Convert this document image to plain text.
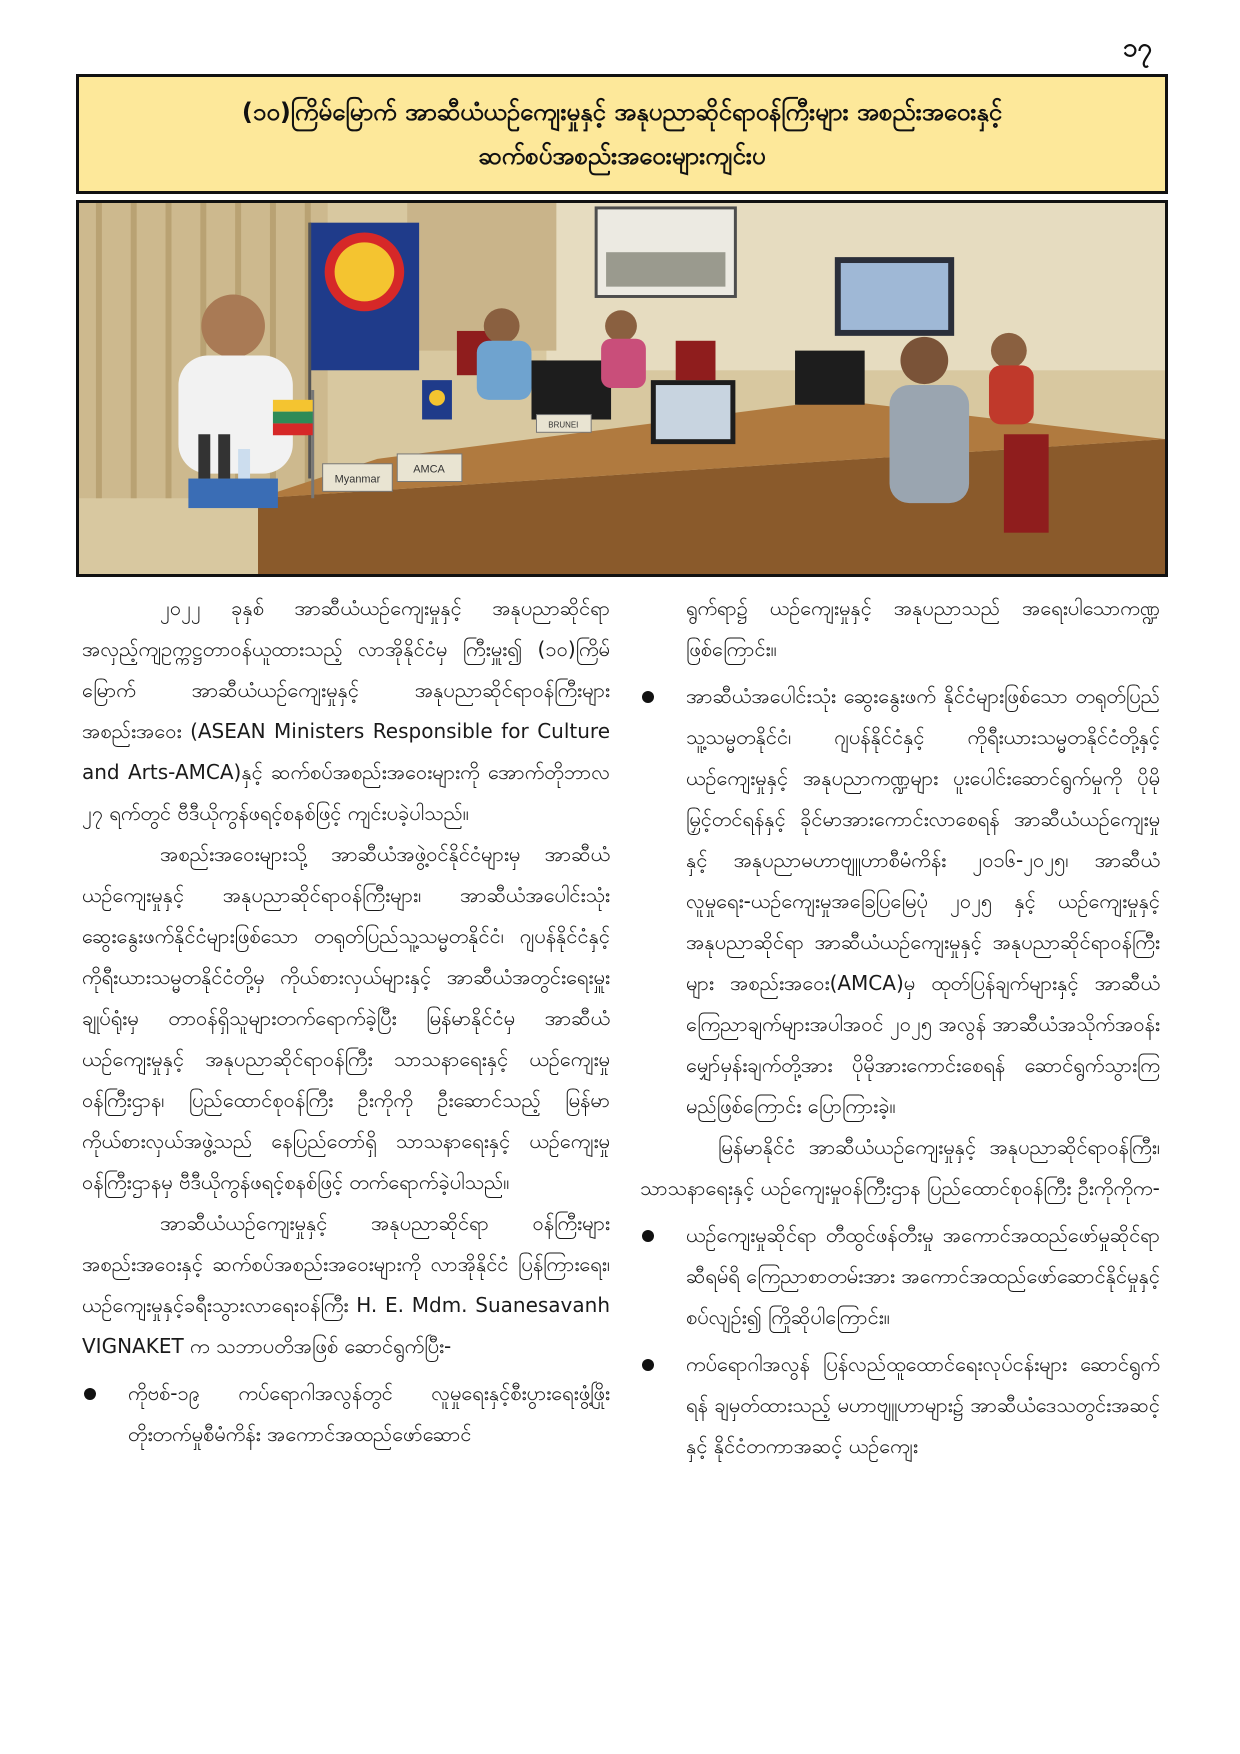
၁၇
(၁၀)ကြိမ်မြောက် အာဆီယံယဉ်ကျေးမှုနှင့် အနုပညာဆိုင်ရာဝန်ကြီးများ အစည်းအဝေးနှင့်
ဆက်စပ်အစည်းအဝေးများကျင်းပ
Myanmar
AMCA
BRUNEI

၂၀၂၂ ခုနှစ် အာဆီယံယဉ်ကျေးမှုနှင့် အနုပညာဆိုင်ရာအလှည့်ကျဥက္ကဋ္ဌတာဝန်ယူထားသည့် လာအိုနိုင်ငံမှ ကြီးမှူး၍ (၁၀)ကြိမ်မြောက် အာဆီယံယဉ်ကျေးမှုနှင့် အနုပညာဆိုင်ရာဝန်ကြီးများ အစည်းအဝေး (ASEAN Ministers Responsible for Culture and Arts-AMCA)နှင့် ဆက်စပ်အစည်းအဝေးများကို အောက်တိုဘာလ ၂၇ ရက်တွင် ဗီဒီယိုကွန်ဖရင့်စနစ်ဖြင့် ကျင်းပခဲ့ပါသည်။

အစည်းအဝေးများသို့ အာဆီယံအဖွဲ့ဝင်နိုင်ငံများမှ အာဆီယံယဉ်ကျေးမှုနှင့် အနုပညာဆိုင်ရာဝန်ကြီးများ၊ အာဆီယံအပေါင်းသုံး ဆွေးနွေးဖက်နိုင်ငံများဖြစ်သော တရုတ်ပြည်သူ့သမ္မတနိုင်ငံ၊ ဂျပန်နိုင်ငံနှင့် ကိုရီးယားသမ္မတနိုင်ငံတို့မှ ကိုယ်စားလှယ်များနှင့် အာဆီယံအတွင်းရေးမှူးချုပ်ရုံးမှ တာဝန်ရှိသူများတက်ရောက်ခဲ့ပြီး မြန်မာနိုင်ငံမှ အာဆီယံယဉ်ကျေးမှုနှင့် အနုပညာဆိုင်ရာဝန်ကြီး သာသနာရေးနှင့် ယဉ်ကျေးမှုဝန်ကြီးဌာန၊ ပြည်ထောင်စုဝန်ကြီး ဦးကိုကို ဦးဆောင်သည့် မြန်မာကိုယ်စားလှယ်အဖွဲ့သည် နေပြည်တော်ရှိ သာသနာရေးနှင့် ယဉ်ကျေးမှုဝန်ကြီးဌာနမှ ဗီဒီယိုကွန်ဖရင့်စနစ်ဖြင့် တက်ရောက်ခဲ့ပါသည်။

အာဆီယံယဉ်ကျေးမှုနှင့် အနုပညာဆိုင်ရာ ဝန်ကြီးများအစည်းအဝေးနှင့် ဆက်စပ်အစည်းအဝေးများကို လာအိုနိုင်ငံ ပြန်ကြားရေး၊ ယဉ်ကျေးမှုနှင့်ခရီးသွားလာရေးဝန်ကြီး H. E. Mdm. Suanesavanh VIGNAKET က သဘာပတိအဖြစ် ဆောင်ရွက်ပြီး-

ကိုဗစ်-၁၉ ကပ်ရောဂါအလွန်တွင် လူမှုရေးနှင့်စီးပွားရေးဖွံ့ဖြိုးတိုးတက်မှုစီမံကိန်း အကောင်အထည်ဖော်ဆောင်
ရွက်ရာ၌ ယဉ်ကျေးမှုနှင့် အနုပညာသည် အရေးပါသောကဏ္ဍဖြစ်ကြောင်း။
အာဆီယံအပေါင်းသုံး ဆွေးနွေးဖက် နိုင်ငံများဖြစ်သော တရုတ်ပြည်သူ့သမ္မတနိုင်ငံ၊ ဂျပန်နိုင်ငံနှင့် ကိုရီးယားသမ္မတနိုင်ငံတို့နှင့် ယဉ်ကျေးမှုနှင့် အနုပညာကဏ္ဍများ ပူးပေါင်းဆောင်ရွက်မှုကို ပိုမိုမြှင့်တင်ရန်နှင့် ခိုင်မာအားကောင်းလာစေရန် အာဆီယံယဉ်ကျေးမှုနှင့် အနုပညာမဟာဗျူဟာစီမံကိန်း ၂၀၁၆-၂၀၂၅၊ အာဆီယံလူမှုရေး-ယဉ်ကျေးမှုအခြေပြမြေပုံ ၂၀၂၅ နှင့် ယဉ်ကျေးမှုနှင့် အနုပညာဆိုင်ရာ အာဆီယံယဉ်ကျေးမှုနှင့် အနုပညာဆိုင်ရာဝန်ကြီးများ အစည်းအဝေး(AMCA)မှ ထုတ်ပြန်ချက်များနှင့် အာဆီယံကြေညာချက်များအပါအဝင် ၂၀၂၅ အလွန် အာဆီယံအသိုက်အဝန်း မျှော်မှန်းချက်တို့အား ပိုမိုအားကောင်းစေရန် ဆောင်ရွက်သွားကြမည်ဖြစ်ကြောင်း ပြောကြားခဲ့။

မြန်မာနိုင်ငံ အာဆီယံယဉ်ကျေးမှုနှင့် အနုပညာဆိုင်ရာဝန်ကြီး၊ သာသနာရေးနှင့် ယဉ်ကျေးမှုဝန်ကြီးဌာန ပြည်ထောင်စုဝန်ကြီး ဦးကိုကိုက-

ယဉ်ကျေးမှုဆိုင်ရာ တီထွင်ဖန်တီးမှု အကောင်အထည်ဖော်မှုဆိုင်ရာ ဆီရမ်ရိ ကြေညာစာတမ်းအား အကောင်အထည်ဖော်ဆောင်နိုင်မှုနှင့်စပ်လျဉ်း၍ ကြိုဆိုပါကြောင်း။
ကပ်ရောဂါအလွန် ပြန်လည်ထူထောင်ရေးလုပ်ငန်းများ ဆောင်ရွက်ရန် ချမှတ်ထားသည့် မဟာဗျူဟာများ၌ အာဆီယံဒေသတွင်းအဆင့်နှင့် နိုင်ငံတကာအဆင့် ယဉ်ကျေး
